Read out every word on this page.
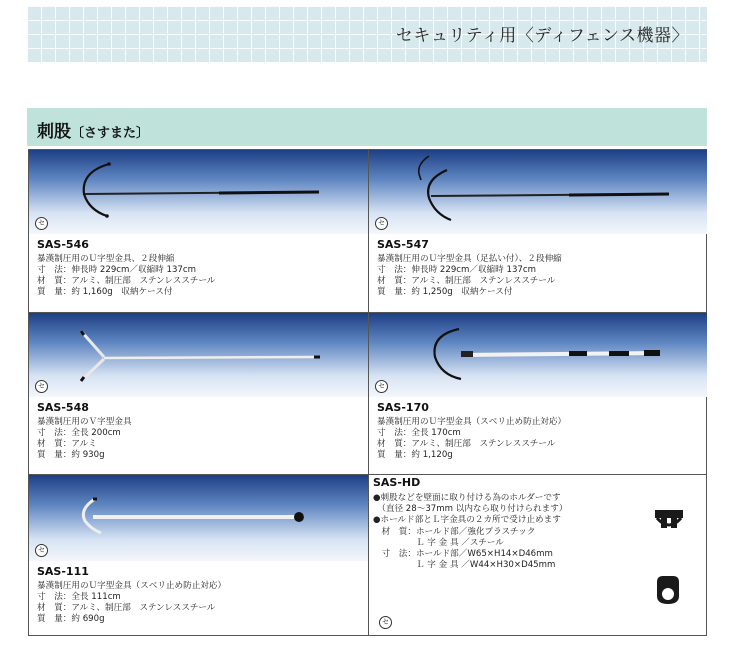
セキュリティ用〈ディフェンス機器〉
刺股〔さすまた〕
セ
SAS-546
暴漢制圧用のＵ字型金具、２段伸縮
寸　法：伸長時 229cm／収縮時 137cm
材　質：アルミ、制圧部　ステンレススチール
質　量：約 1,160g　収納ケース付
セ
SAS-547
暴漢制圧用のＵ字型金具（足払い付）、２段伸縮
寸　法：伸長時 229cm／収縮時 137cm
材　質：アルミ、制圧部　ステンレススチール
質　量：約 1,250g　収納ケース付
セ
SAS-548
暴漢制圧用のＶ字型金具
寸　法：全長 200cm
材　質：アルミ
質　量：約 930g
セ
SAS-170
暴漢制圧用のＵ字型金具（スベリ止め防止対応）
寸　法：全長 170cm
材　質：アルミ、制圧部　ステンレススチール
質　量：約 1,120g
セ
SAS-111
暴漢制圧用のＵ字型金具（スベリ止め防止対応）
寸　法：全長 111cm
材　質：アルミ、制圧部　ステンレススチール
質　量：約 690g
SAS-HD
●刺股などを壁面に取り付ける為のホルダーです
　（直径 28～37mm 以内なら取り付けられます）
●ホールド部とＬ字金具の２カ所で受け止めます
　材　質：ホールド部／強化プラスチック
　　　　　Ｌ 字 金 具 ／スチール
　寸　法：ホールド部／W65×H14×D46mm
　　　　　Ｌ 字 金 具 ／W44×H30×D45mm
セ
